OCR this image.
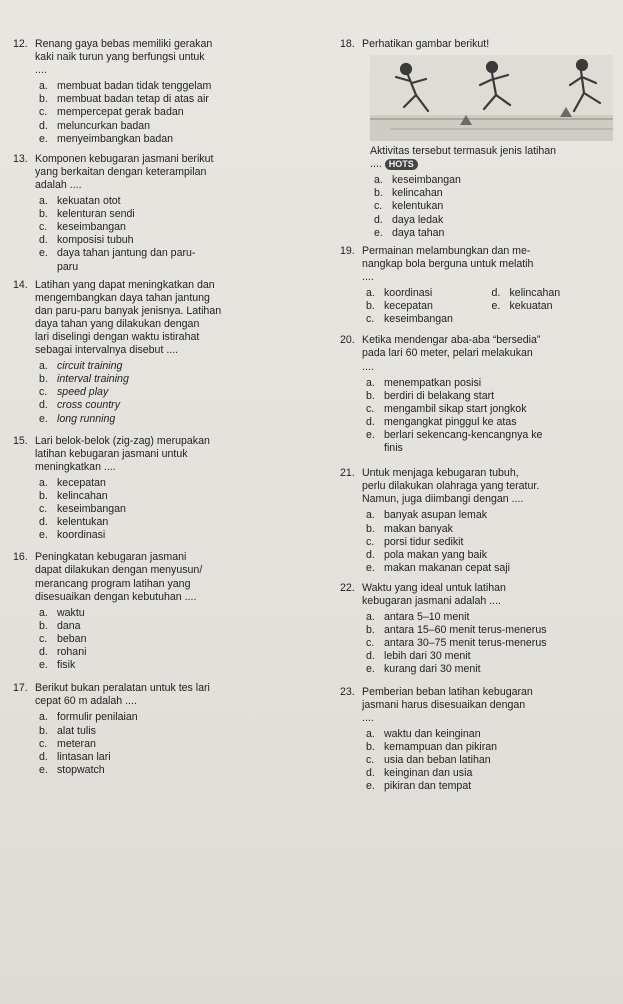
12. Renang gaya bebas memiliki gerakan
kaki naik turun yang berfungsi untuk
....
a. membuat badan tidak tenggelam
b. membuat badan tetap di atas air
c. mempercepat gerak badan
d. meluncurkan badan
e. menyeimbangkan badan
13. Komponen kebugaran jasmani berikut
yang berkaitan dengan keterampilan
adalah ....
a. kekuatan otot
b. kelenturan sendi
c. keseimbangan
d. komposisi tubuh
e. daya tahan jantung dan paru-
paru
14. Latihan yang dapat meningkatkan dan
mengembangkan daya tahan jantung
dan paru-paru banyak jenisnya. Latihan
daya tahan yang dilakukan dengan
lari diselingi dengan waktu istirahat
sebagai intervalnya disebut ....
a. circuit training
b. interval training
c. speed play
d. cross country
e. long running
15. Lari belok-belok (zig-zag) merupakan
latihan kebugaran jasmani untuk
meningkatkan ....
a. kecepatan
b. kelincahan
c. keseimbangan
d. kelentukan
e. koordinasi
16. Peningkatan kebugaran jasmani
dapat dilakukan dengan menyusun/
merancang program latihan yang
disesuaikan dengan kebutuhan ....
a. waktu
b. dana
c. beban
d. rohani
e. fisik
17. Berikut bukan peralatan untuk tes lari
cepat 60 m adalah ....
a. formulir penilaian
b. alat tulis
c. meteran
d. lintasan lari
e. stopwatch
18. Perhatikan gambar berikut!
Aktivitas tersebut termasuk jenis latihan
.... HOTS
a. keseimbangan
b. kelincahan
c. kelentukan
d. daya ledak
e. daya tahan
19. Permainan melambungkan dan me-
nangkap bola berguna untuk melatih
....
a. koordinasi	d. kelincahan
b. kecepatan	e. kekuatan
c. keseimbangan
20. Ketika mendengar aba-aba “bersedia”
pada lari 60 meter, pelari melakukan
....
a. menempatkan posisi
b. berdiri di belakang start
c. mengambil sikap start jongkok
d. mengangkat pinggul ke atas
e. berlari sekencang-kencangnya ke
finis
21. Untuk menjaga kebugaran tubuh,
perlu dilakukan olahraga yang teratur.
Namun, juga diimbangi dengan ....
a. banyak asupan lemak
b. makan banyak
c. porsi tidur sedikit
d. pola makan yang baik
e. makan makanan cepat saji
22. Waktu yang ideal untuk latihan
kebugaran jasmani adalah ....
a. antara 5–10 menit
b. antara 15–60 menit terus-menerus
c. antara 30–75 menit terus-menerus
d. lebih dari 30 menit
e. kurang dari 30 menit
23. Pemberian beban latihan kebugaran
jasmani harus disesuaikan dengan
....
a. waktu dan keinginan
b. kemampuan dan pikiran
c. usia dan beban latihan
d. keinginan dan usia
e. pikiran dan tempat
